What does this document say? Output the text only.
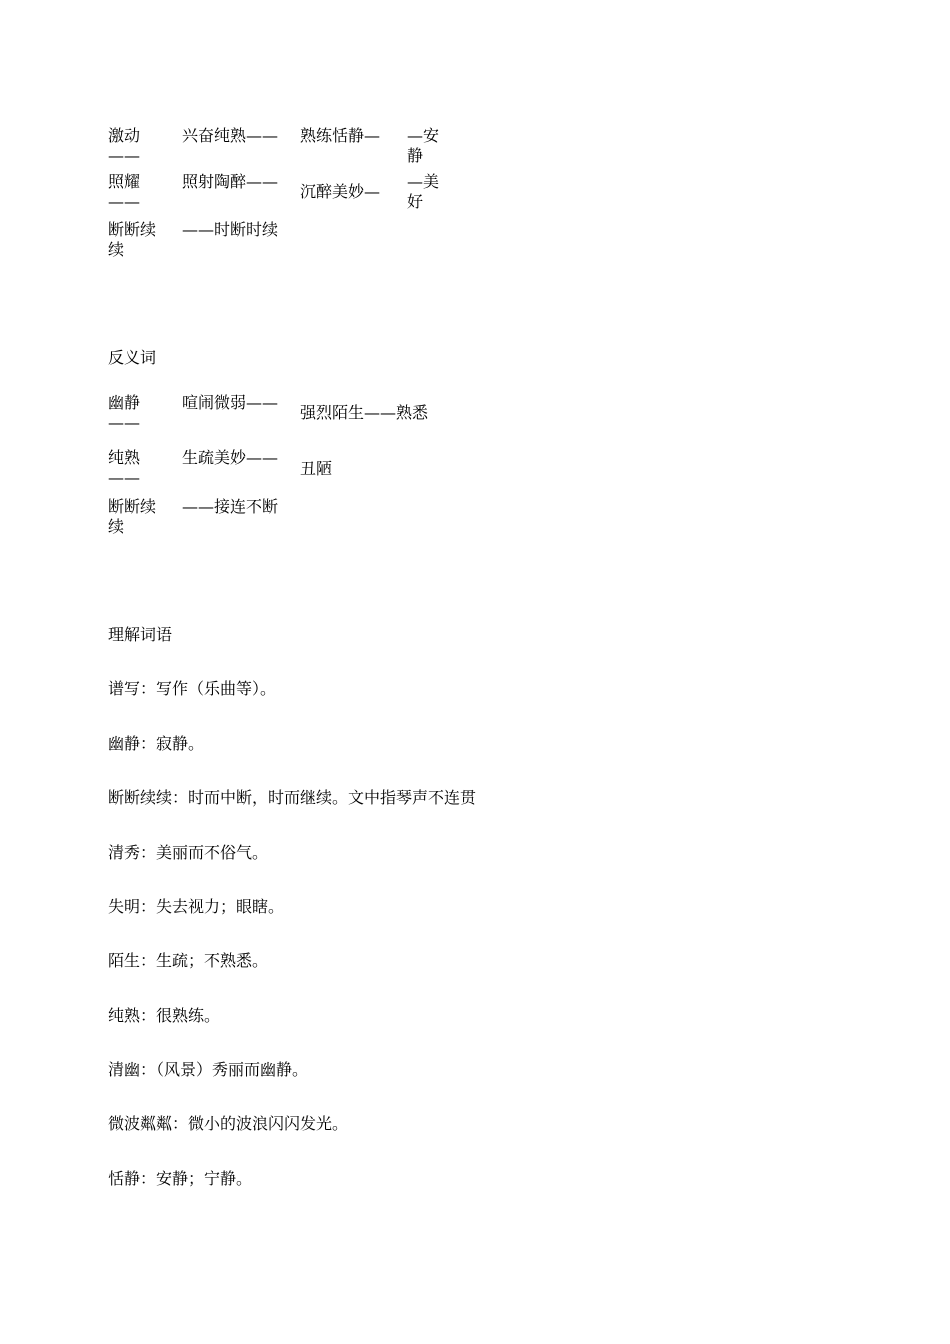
激动——
兴奋纯熟—— 熟练恬静—	—安静
照耀——
照射陶醉——
沉醉美妙—
—美好
断断续续
——时断时续
反义词
幽静——
喧闹微弱——
强烈陌生——熟悉
纯熟——
生疏美妙——
丑陋
断断续续
——接连不断
理解词语
谱写：写作（乐曲等）。
幽静：寂静。
断断续续：时而中断，时而继续。文中指琴声不连贯
清秀：美丽而不俗气。
失明：失去视力；眼瞎。
陌生：生疏；不熟悉。
纯熟：很熟练。
清幽：（风景）秀丽而幽静。
微波粼粼：微小的波浪闪闪发光。
恬静：安静；宁静。
